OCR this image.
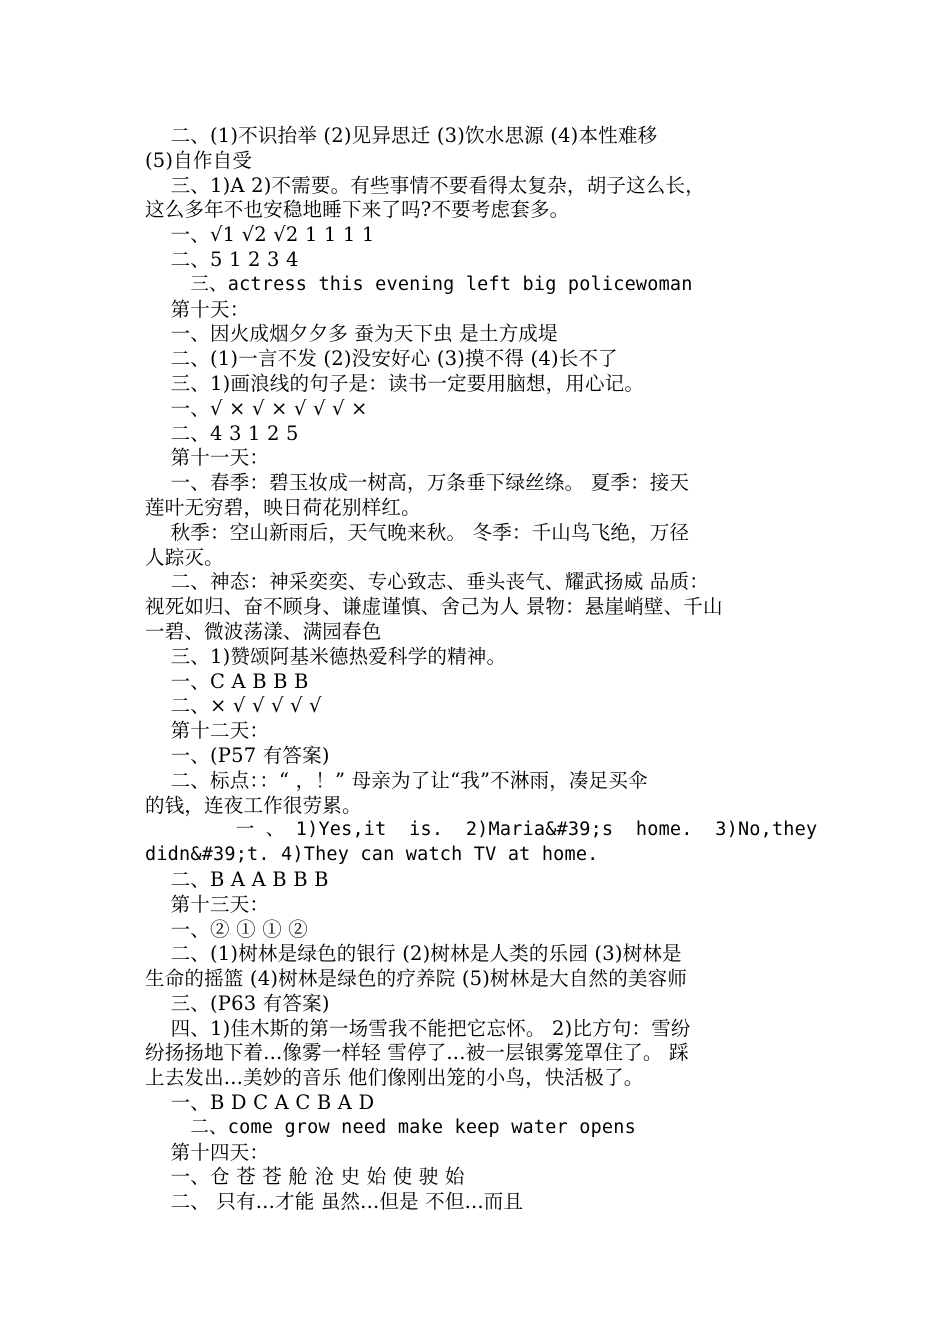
二、(1)不识抬举 (2)见异思迁 (3)饮水思源 (4)本性难移
(5)自作自受
三、1)A 2)不需要。有些事情不要看得太复杂，胡子这么长，
这么多年不也安稳地睡下来了吗?不要考虑套多。
一、√1 √2 √2 1 1 1 1
二、5 1 2 3 4
三、actress this evening left big policewoman
第十天：
一、因火成烟夕夕多 蚕为天下虫 是土方成堤
二、(1)一言不发 (2)没安好心 (3)摸不得 (4)长不了
三、1)画浪线的句子是：读书一定要用脑想，用心记。
一、√ × √ × √ √ √ ×
二、4 3 1 2 5
第十一天：
一、春季：碧玉妆成一树高，万条垂下绿丝绦。 夏季：接天
莲叶无穷碧，映日荷花别样红。
秋季：空山新雨后，天气晚来秋。 冬季：千山鸟飞绝，万径
人踪灭。
二、神态：神采奕奕、专心致志、垂头丧气、耀武扬威 品质：
视死如归、奋不顾身、谦虚谨慎、舍己为人 景物：悬崖峭壁、千山
一碧、微波荡漾、满园春色
三、1)赞颂阿基米德热爱科学的精神。
一、C A B B B
二、× √ √ √ √ √
第十二天：
一、(P57 有答案)
二、标点：：“ ，！” 母亲为了让“我”不淋雨，凑足买伞
的钱，连夜工作很劳累。
一 、 1)Yes,it  is.  2)Maria&#39;s  home.  3)No,they
didn&#39;t. 4)They can watch TV at home.
二、B A A B B B
第十三天：
一、② ① ① ②
二、(1)树林是绿色的银行 (2)树林是人类的乐园 (3)树林是
生命的摇篮 (4)树林是绿色的疗养院 (5)树林是大自然的美容师
三、(P63 有答案)
四、1)佳木斯的第一场雪我不能把它忘怀。 2)比方句：雪纷
纷扬扬地下着...像雾一样轻 雪停了...被一层银雾笼罩住了。 踩
上去发出...美妙的音乐 他们像刚出笼的小鸟，快活极了。
一、B D C A C B A D
二、come grow need make keep water opens
第十四天：
一、仓 苍 苍 舱 沧 史 始 使 驶 始
二、 只有...才能 虽然...但是 不但...而且
